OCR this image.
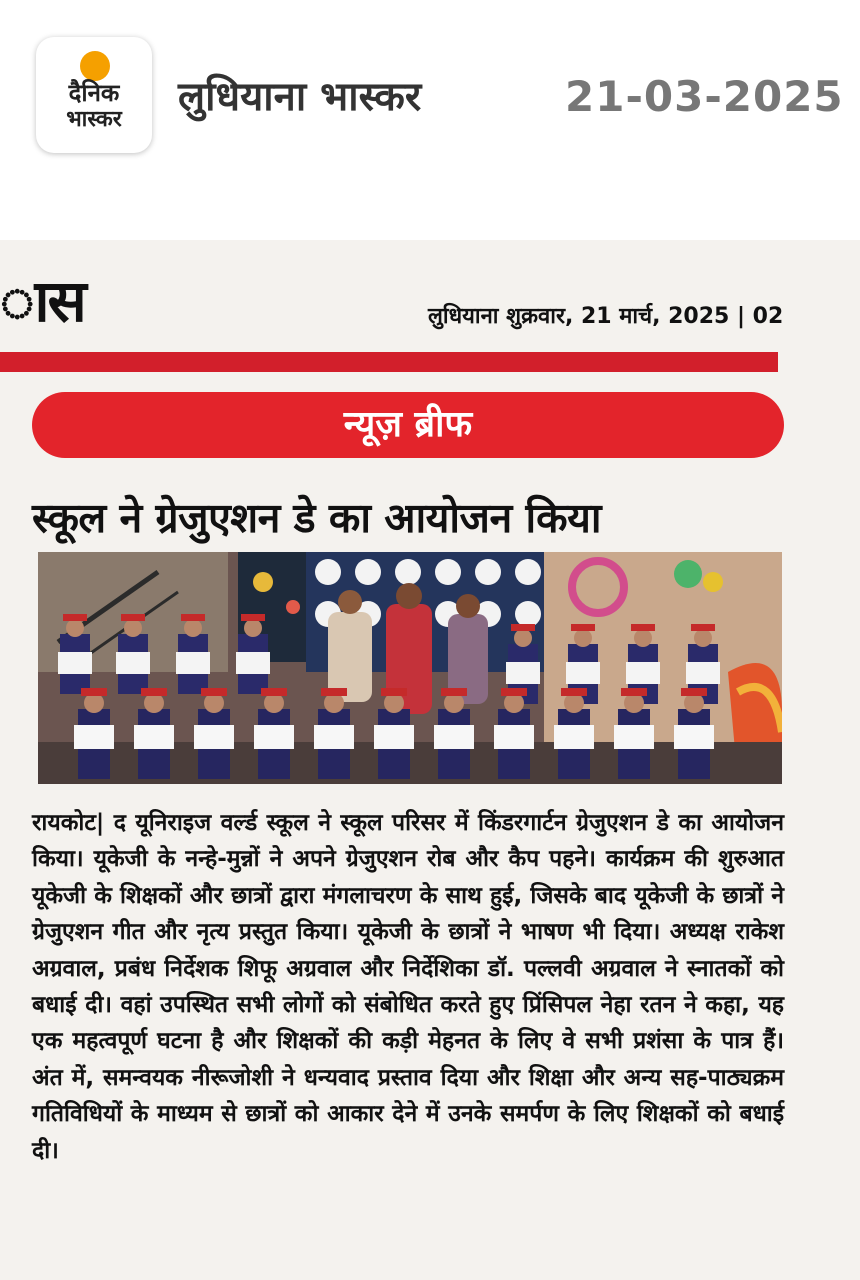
दैनिक
भास्कर	लुधियाना भास्कर	21-03-2025
ास	लुधियाना शुक्रवार, 21 मार्च, 2025 | 02
न्यूज़ ब्रीफ
स्कूल ने ग्रेजुएशन डे का आयोजन किया
रायकोट| द यूनिराइज वर्ल्ड स्कूल ने स्कूल परिसर में किंडरगार्टन ग्रेजुएशन डे का आयोजन किया। यूकेजी के नन्हे-मुन्नों ने अपने ग्रेजुएशन रोब और कैप पहने। कार्यक्रम की शुरुआत यूकेजी के शिक्षकों और छात्रों द्वारा मंगलाचरण के साथ हुई, जिसके बाद यूकेजी के छात्रों ने ग्रेजुएशन गीत और नृत्य प्रस्तुत किया। यूकेजी के छात्रों ने भाषण भी दिया। अध्यक्ष राकेश अग्रवाल, प्रबंध निर्देशक शिफू अग्रवाल और निर्देशिका डॉ. पल्लवी अग्रवाल ने स्नातकों को बधाई दी। वहां उपस्थित सभी लोगों को संबोधित करते हुए प्रिंसिपल नेहा रतन ने कहा, यह एक महत्वपूर्ण घटना है और शिक्षकों की कड़ी मेहनत के लिए वे सभी प्रशंसा के पात्र हैं। अंत में, समन्वयक नीरूजोशी ने धन्यवाद प्रस्ताव दिया और शिक्षा और अन्य सह-पाठ्यक्रम गतिविधियों के माध्यम से छात्रों को आकार देने में उनके समर्पण के लिए शिक्षकों को बधाई दी।
